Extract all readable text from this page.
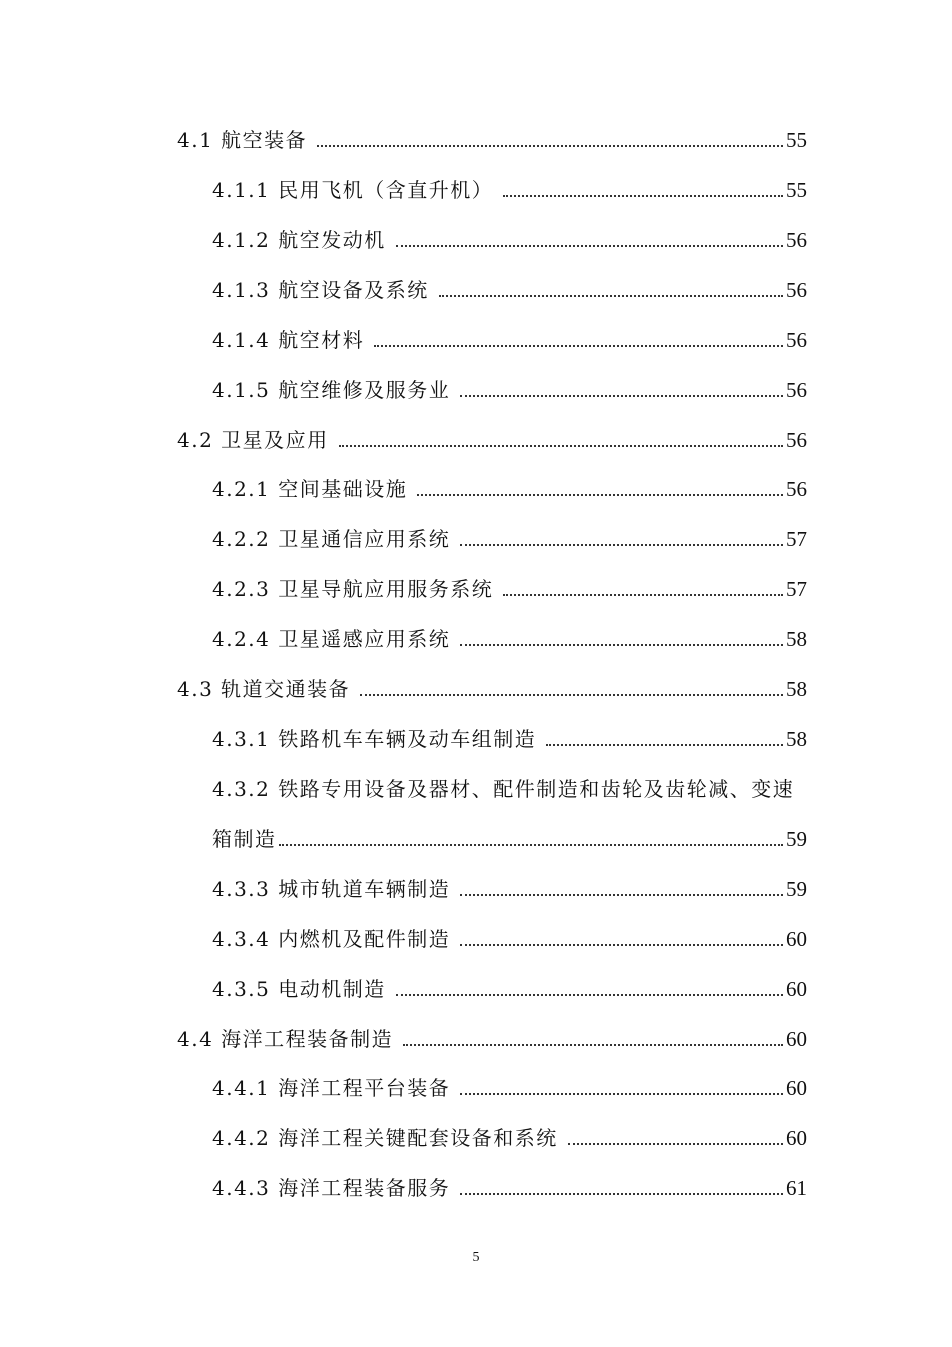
4.1 航空装备	55
4.1.1 民用飞机（含直升机）	55
4.1.2 航空发动机	56
4.1.3 航空设备及系统	56
4.1.4 航空材料	56
4.1.5 航空维修及服务业	56
4.2 卫星及应用	56
4.2.1 空间基础设施	56
4.2.2 卫星通信应用系统	57
4.2.3 卫星导航应用服务系统	57
4.2.4 卫星遥感应用系统	58
4.3 轨道交通装备	58
4.3.1 铁路机车车辆及动车组制造	58
4.3.2 铁路专用设备及器材、配件制造和齿轮及齿轮减、变速
箱制造	59
4.3.3 城市轨道车辆制造	59
4.3.4 内燃机及配件制造	60
4.3.5 电动机制造	60
4.4 海洋工程装备制造	60
4.4.1 海洋工程平台装备	60
4.4.2 海洋工程关键配套设备和系统	60
4.4.3 海洋工程装备服务	61
5
